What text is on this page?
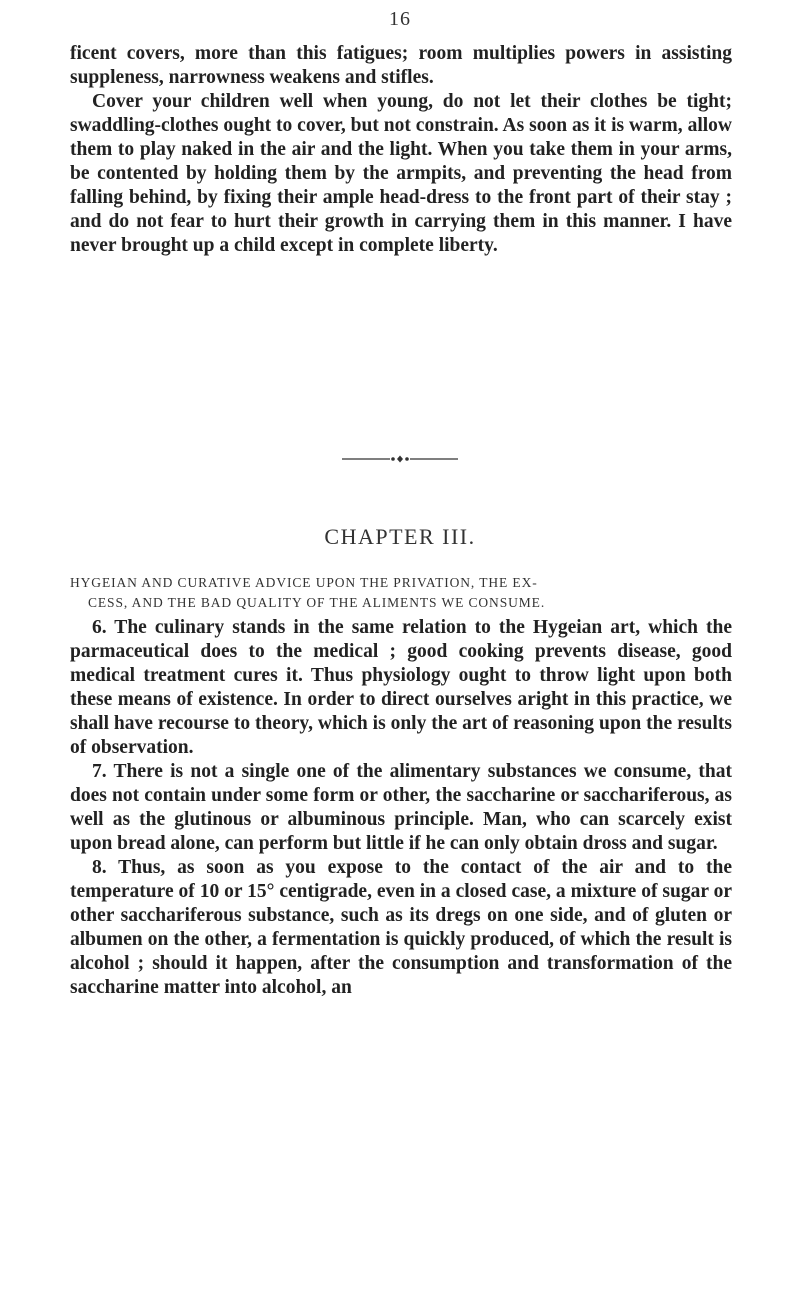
16

ficent covers, more than this fatigues; room multiplies powers in assisting suppleness, narrowness weakens and stifles.

Cover your children well when young, do not let their clothes be tight; swaddling-clothes ought to cover, but not constrain. As soon as it is warm, allow them to play naked in the air and the light. When you take them in your arms, be contented by holding them by the armpits, and preventing the head from falling behind, by fixing their ample head-dress to the front part of their stay ; and do not fear to hurt their growth in carrying them in this manner. I have never brought up a child except in complete liberty.

CHAPTER III.
HYGEIAN AND CURATIVE ADVICE UPON THE PRIVATION, THE EX-
CESS, AND THE BAD QUALITY OF THE ALIMENTS WE CONSUME.

6. The culinary stands in the same relation to the Hygeian art, which the parmaceutical does to the medical ; good cooking prevents disease, good medical treatment cures it. Thus physiology ought to throw light upon both these means of existence. In order to direct ourselves aright in this practice, we shall have recourse to theory, which is only the art of reasoning upon the results of observation.

7. There is not a single one of the alimentary substances we consume, that does not contain under some form or other, the saccharine or sacchariferous, as well as the glutinous or albuminous principle. Man, who can scarcely exist upon bread alone, can perform but little if he can only obtain dross and sugar.

8. Thus, as soon as you expose to the contact of the air and to the temperature of 10 or 15° centigrade, even in a closed case, a mixture of sugar or other sacchariferous substance, such as its dregs on one side, and of gluten or albumen on the other, a fermentation is quickly produced, of which the result is alcohol ; should it happen, after the consumption and transformation of the saccharine matter into alcohol, an
